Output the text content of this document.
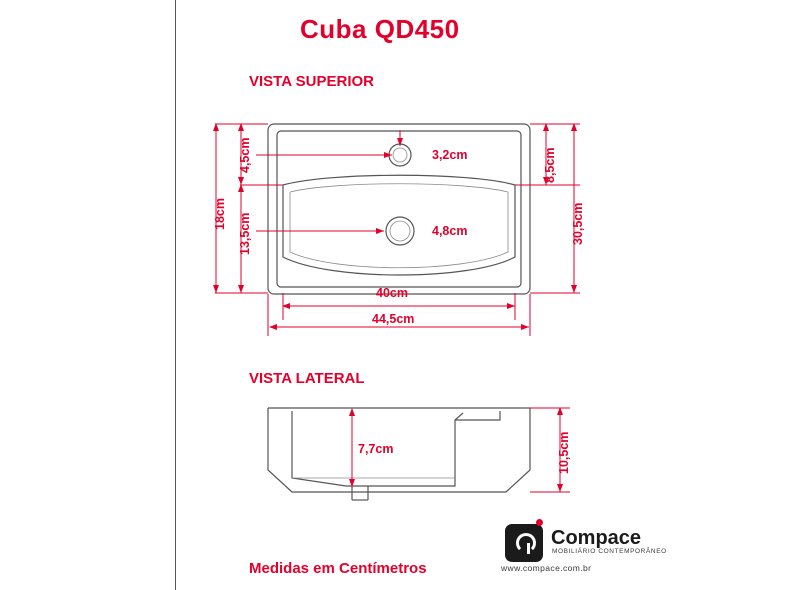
Cuba QD450
VISTA SUPERIOR
VISTA LATERAL
Medidas em Centímetros
18cm
4,5cm
13,5cm
3,2cm
4,8cm
8,5cm
30,5cm
40cm
44,5cm
7,7cm	10,5cm
Compace
MOBILIÁRIO CONTEMPORÂNEO
www.compace.com.br
